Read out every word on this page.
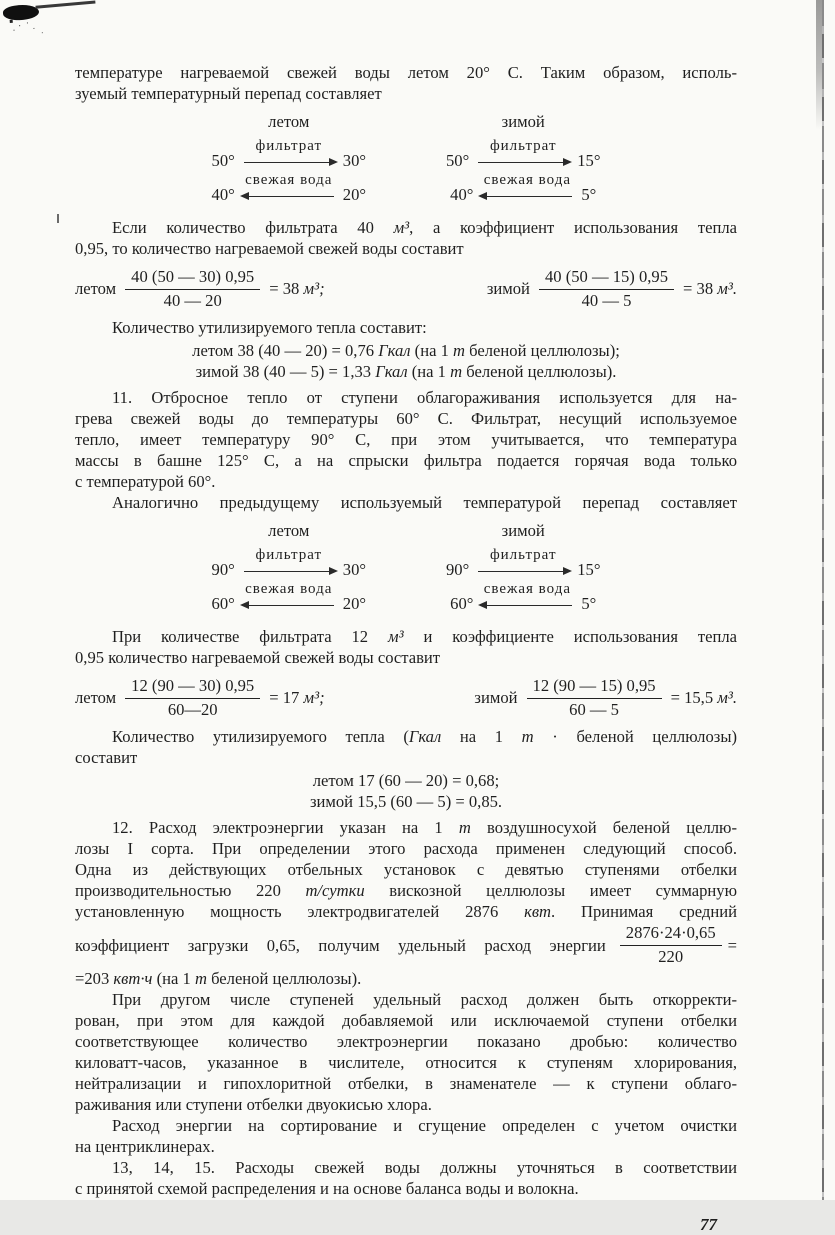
температуре нагреваемой свежей воды летом 20° С. Таким образом, исполь-
зуемый температурный перепад составляет
летом
50°
фильтрат
30°
40°
свежая вода
20°
зимой
50°
фильтрат
15°
40°
свежая вода
5°
Если количество фильтрата 40 м³, а коэффициент использования тепла
0,95, то количество нагреваемой свежей воды составит
летом $\frac{40 (50 — 30) 0,95}{40 — 20} = 38$ м³;	зимой $\frac{40 (50 — 15) 0,95}{40 — 5} = 38$ м³.
Количество утилизируемого тепла составит:
летом 38 (40 — 20) = 0,76 Гкал (на 1 т беленой целлюлозы);
зимой 38 (40 — 5) = 1,33 Гкал (на 1 т беленой целлюлозы).
11. Отбросное тепло от ступени облагораживания используется для на-
грева свежей воды до температуры 60° С. Фильтрат, несущий используемое
тепло, имеет температуру 90° С, при этом учитывается, что температура
массы в башне 125° С, а на спрыски фильтра подается горячая вода только
с температурой 60°.
Аналогично предыдущему используемый температурой перепад составляет
летом
90°
фильтрат
30°
60°
свежая вода
20°
зимой
90°
фильтрат
15°
60°
свежая вода
5°
При количестве фильтрата 12 м³ и коэффициенте использования тепла
0,95 количество нагреваемой свежей воды составит
летом $\frac{12 (90 — 30) 0,95}{60—20} = 17$ м³;	зимой $\frac{12 (90 — 15) 0,95}{60 — 5} = 15,5$ м³.
Количество утилизируемого тепла (Гкал на 1 т · беленой целлюлозы)
составит
летом 17 (60 — 20) = 0,68;
зимой 15,5 (60 — 5) = 0,85.
12. Расход электроэнергии указан на 1 т воздушносухой беленой целлю-
лозы I сорта. При определении этого расхода применен следующий способ.
Одна из действующих отбельных установок с девятью ступенями отбелки
производительностью 220 т/сутки вискозной целлюлозы имеет суммарную
установленную мощность электродвигателей 2876 квт. Принимая средний
коэффициент загрузки 0,65, получим удельный расход энергии $\frac{2876\cdot 24\cdot 0,65}{220}$ =
=203 квт·ч (на 1 т беленой целлюлозы).
При другом числе ступеней удельный расход должен быть откорректи-
рован, при этом для каждой добавляемой или исключаемой ступени отбелки
соответствующее количество электроэнергии показано дробью: количество
киловатт-часов, указанное в числителе, относится к ступеням хлорирования,
нейтрализации и гипохлоритной отбелки, в знаменателе — к ступени облаго-
раживания или ступени отбелки двуокисью хлора.
Расход энергии на сортирование и сгущение определен с учетом очистки
на центриклинерах.
13, 14, 15. Расходы свежей воды должны уточняться в соответствии
с принятой схемой распределения и на основе баланса воды и волокна.
77
